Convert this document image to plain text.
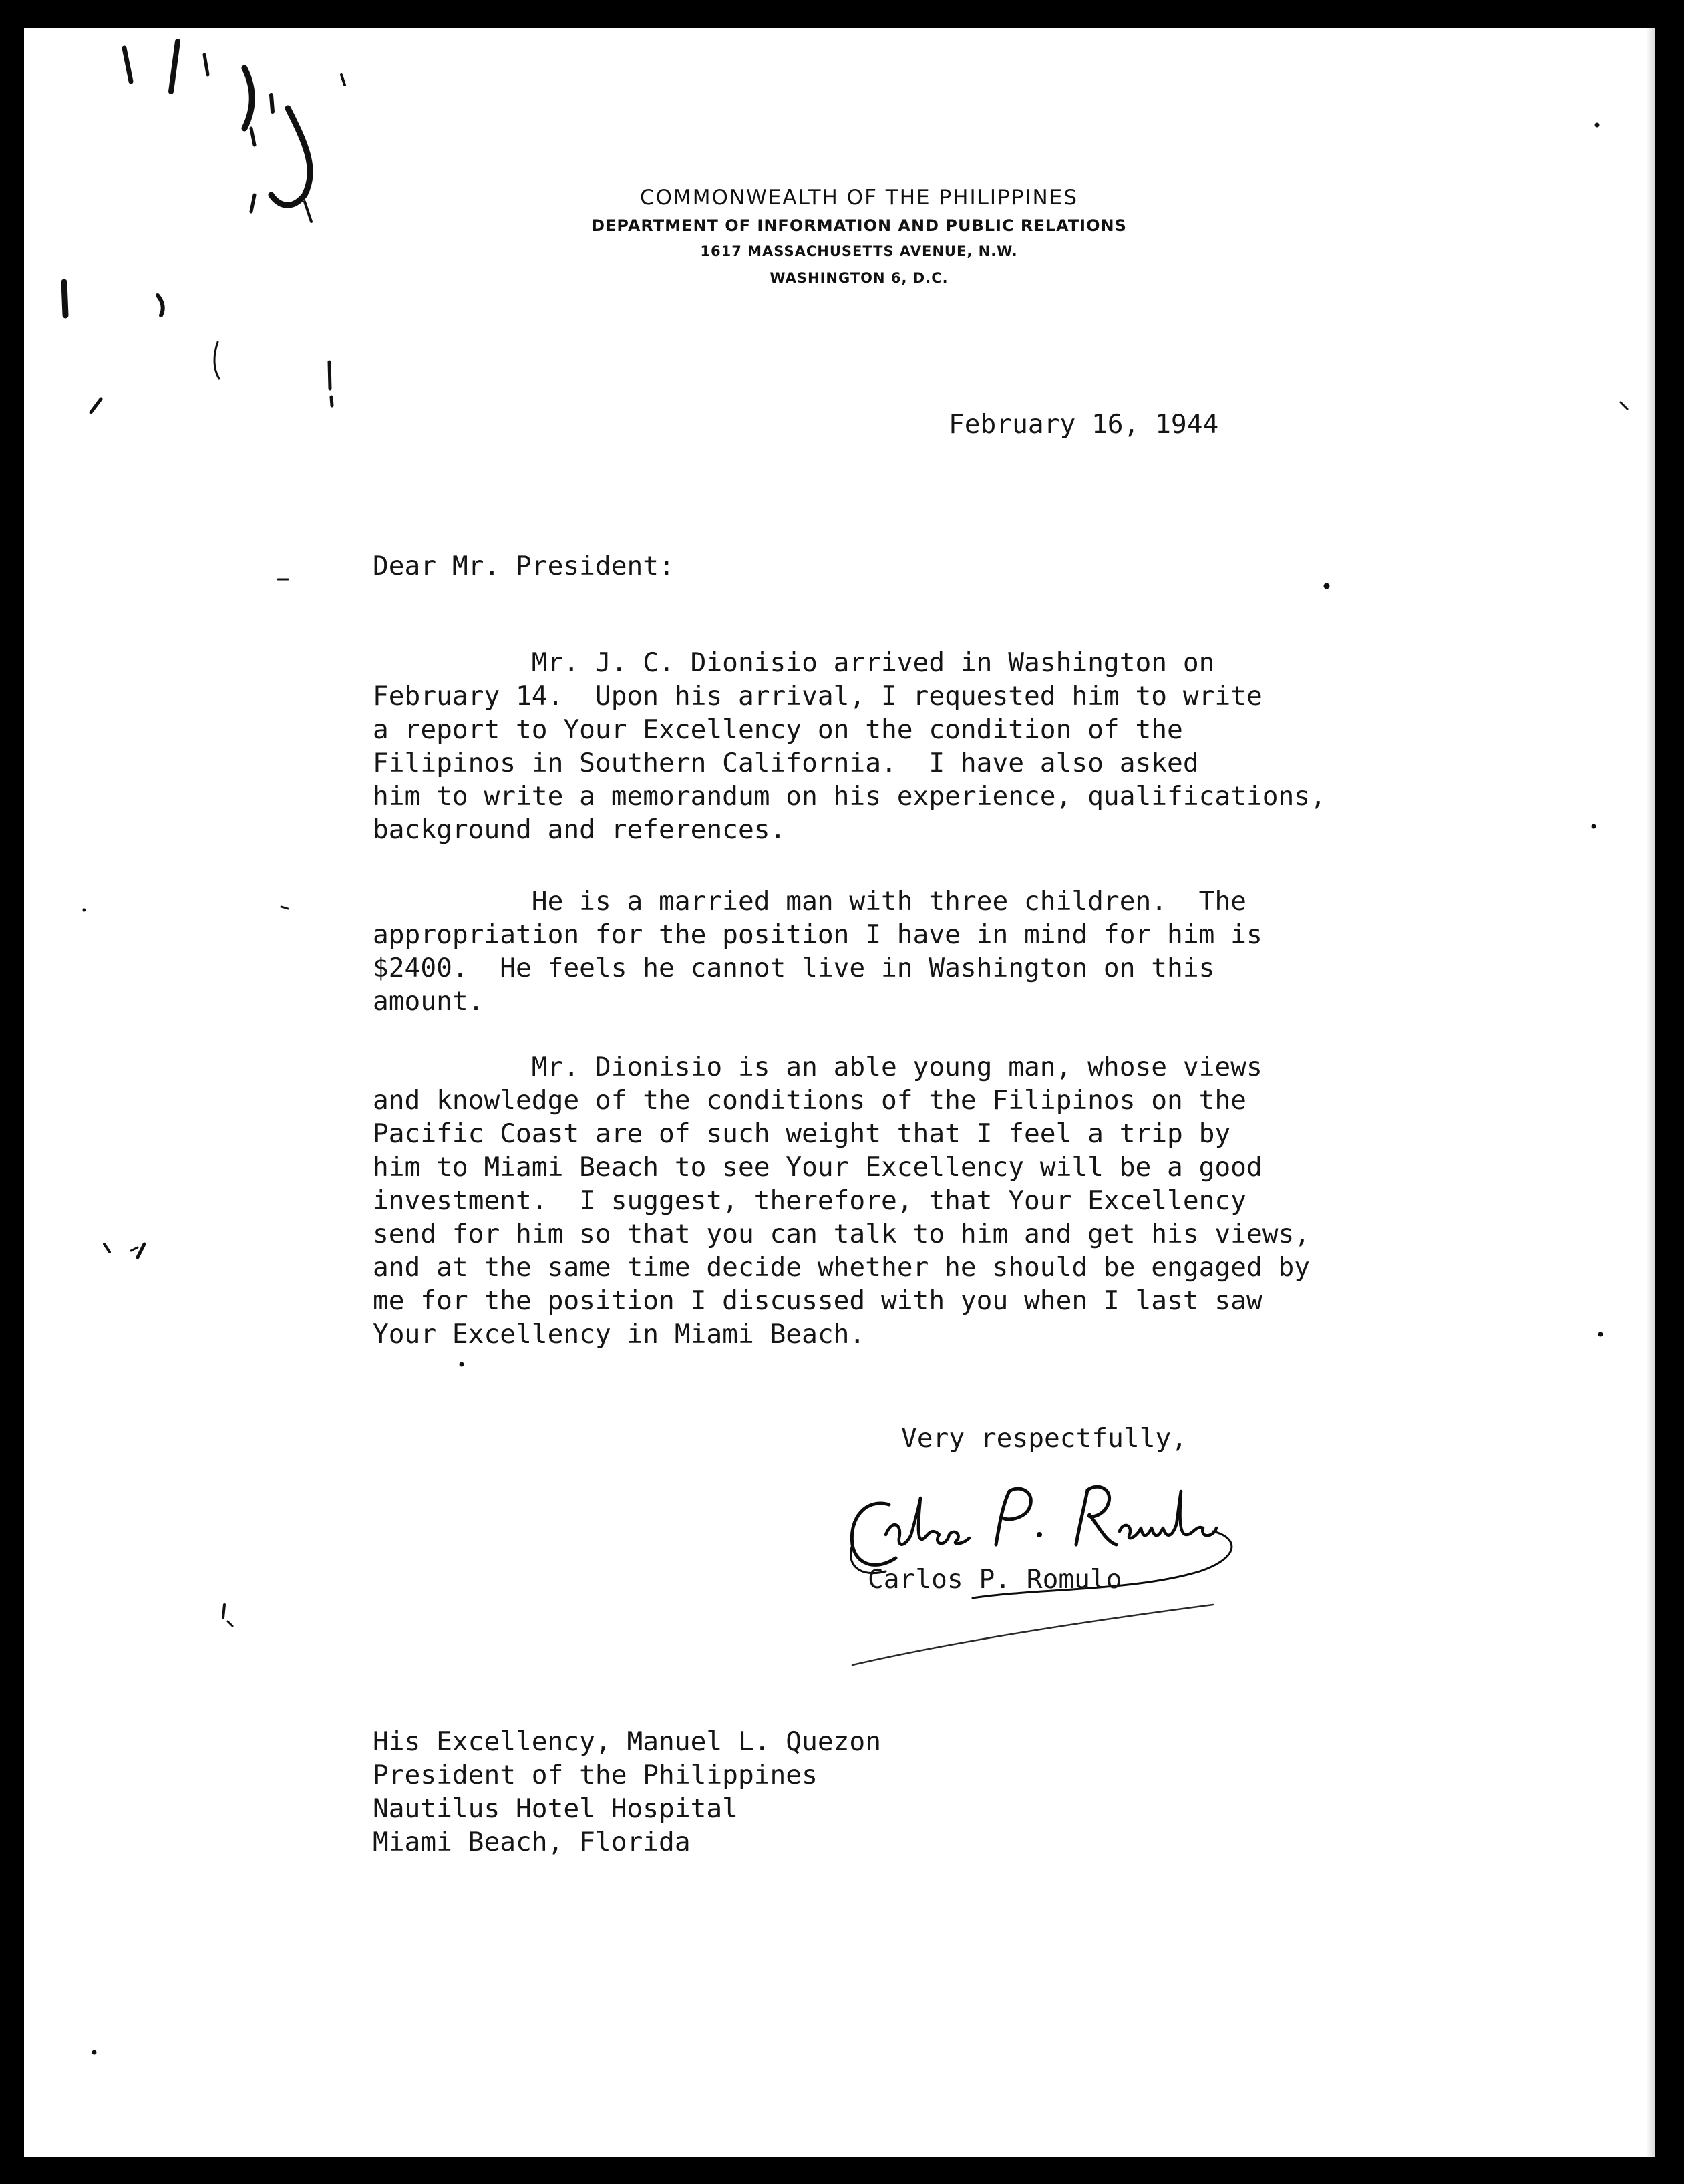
COMMONWEALTH OF THE PHILIPPINES
DEPARTMENT OF INFORMATION AND PUBLIC RELATIONS
1617 MASSACHUSETTS AVENUE, N.W.
WASHINGTON 6, D.C.
February 16, 1944
Dear Mr. President:
Mr. J. C. Dionisio arrived in Washington on
February 14.  Upon his arrival, I requested him to write
a report to Your Excellency on the condition of the
Filipinos in Southern California.  I have also asked
him to write a memorandum on his experience, qualifications,
background and references.
He is a married man with three children.  The
appropriation for the position I have in mind for him is
$2400.  He feels he cannot live in Washington on this
amount.
Mr. Dionisio is an able young man, whose views
and knowledge of the conditions of the Filipinos on the
Pacific Coast are of such weight that I feel a trip by
him to Miami Beach to see Your Excellency will be a good
investment.  I suggest, therefore, that Your Excellency
send for him so that you can talk to him and get his views,
and at the same time decide whether he should be engaged by
me for the position I discussed with you when I last saw
Your Excellency in Miami Beach.
Very respectfully,
Carlos P. Romulo
His Excellency, Manuel L. Quezon
President of the Philippines
Nautilus Hotel Hospital
Miami Beach, Florida
